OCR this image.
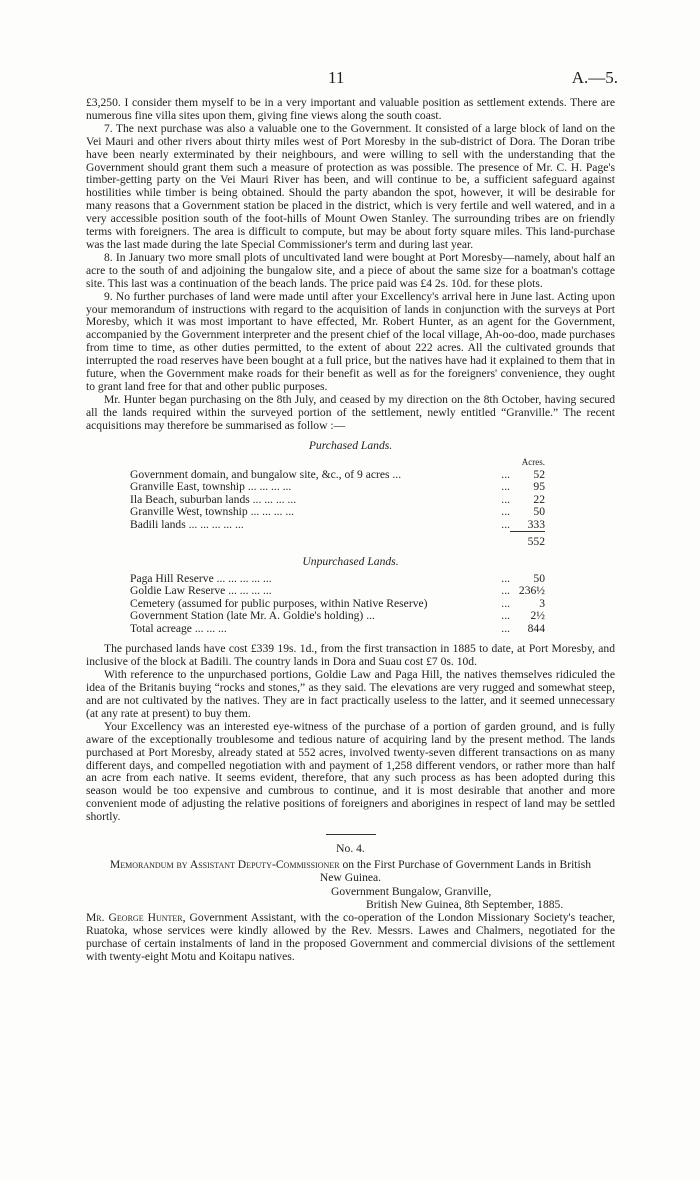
11	A.—5.

£3,250. I consider them myself to be in a very important and valuable position as settlement extends. There are numerous fine villa sites upon them, giving fine views along the south coast.

7. The next purchase was also a valuable one to the Government. It consisted of a large block of land on the Vei Mauri and other rivers about thirty miles west of Port Moresby in the sub-district of Dora. The Doran tribe have been nearly exterminated by their neighbours, and were willing to sell with the understanding that the Government should grant them such a measure of protection as was possible. The presence of Mr. C. H. Page's timber-getting party on the Vei Mauri River has been, and will continue to be, a sufficient safeguard against hostilities while timber is being obtained. Should the party abandon the spot, however, it will be desirable for many reasons that a Government station be placed in the district, which is very fertile and well watered, and in a very accessible position south of the foot-hills of Mount Owen Stanley. The surrounding tribes are on friendly terms with foreigners. The area is difficult to compute, but may be about forty square miles. This land-purchase was the last made during the late Special Commissioner's term and during last year.

8. In January two more small plots of uncultivated land were bought at Port Moresby—namely, about half an acre to the south of and adjoining the bungalow site, and a piece of about the same size for a boatman's cottage site. This last was a continuation of the beach lands. The price paid was £4 2s. 10d. for these plots.

9. No further purchases of land were made until after your Excellency's arrival here in June last. Acting upon your memorandum of instructions with regard to the acquisition of lands in conjunction with the surveys at Port Moresby, which it was most important to have effected, Mr. Robert Hunter, as an agent for the Government, accompanied by the Government interpreter and the present chief of the local village, Ah-oo-doo, made purchases from time to time, as other duties permitted, to the extent of about 222 acres. All the cultivated grounds that interrupted the road reserves have been bought at a full price, but the natives have had it explained to them that in future, when the Government make roads for their benefit as well as for the foreigners' convenience, they ought to grant land free for that and other public purposes.

Mr. Hunter began purchasing on the 8th July, and ceased by my direction on the 8th October, having secured all the lands required within the surveyed portion of the settlement, newly entitled “Granville.” The recent acquisitions may therefore be summarised as follow :—

Purchased Lands.
		Acres.
Government domain, and bungalow site, &c., of 9 acres ...	...	52
Granville East, township ... ... ... ...	...	95
Ila Beach, suburban lands ... ... ... ...	...	22
Granville West, township ... ... ... ...	...	50
Badili lands ... ... ... ... ...	...	333
		552
Unpurchased Lands.
Paga Hill Reserve ... ... ... ... ...	...	50
Goldie Law Reserve ... ... ... ...	...	236½
Cemetery (assumed for public purposes, within Native Reserve)	...	3
Government Station (late Mr. A. Goldie's holding) ...	...	2½
Total acreage ... ... ...	...	844

The purchased lands have cost £339 19s. 1d., from the first transaction in 1885 to date, at Port Moresby, and inclusive of the block at Badili. The country lands in Dora and Suau cost £7 0s. 10d.

With reference to the unpurchased portions, Goldie Law and Paga Hill, the natives themselves ridiculed the idea of the Britanis buying “rocks and stones,” as they said. The elevations are very rugged and somewhat steep, and are not cultivated by the natives. They are in fact practically useless to the latter, and it seemed unnecessary (at any rate at present) to buy them.

Your Excellency was an interested eye-witness of the purchase of a portion of garden ground, and is fully aware of the exceptionally troublesome and tedious nature of acquiring land by the present method. The lands purchased at Port Moresby, already stated at 552 acres, involved twenty-seven different transactions on as many different days, and compelled negotiation with and payment of 1,258 different vendors, or rather more than half an acre from each native. It seems evident, therefore, that any such process as has been adopted during this season would be too expensive and cumbrous to continue, and it is most desirable that another and more convenient mode of adjusting the relative positions of foreigners and aborigines in respect of land may be settled shortly.

No. 4.
Memorandum by Assistant Deputy-Commissioner on the First Purchase of Government Lands in British New Guinea.
Government Bungalow, Granville,
British New Guinea, 8th September, 1885.

Mr. George Hunter, Government Assistant, with the co-operation of the London Missionary Society's teacher, Ruatoka, whose services were kindly allowed by the Rev. Messrs. Lawes and Chalmers, negotiated for the purchase of certain instalments of land in the proposed Government and commercial divisions of the settlement with twenty-eight Motu and Koitapu natives.
